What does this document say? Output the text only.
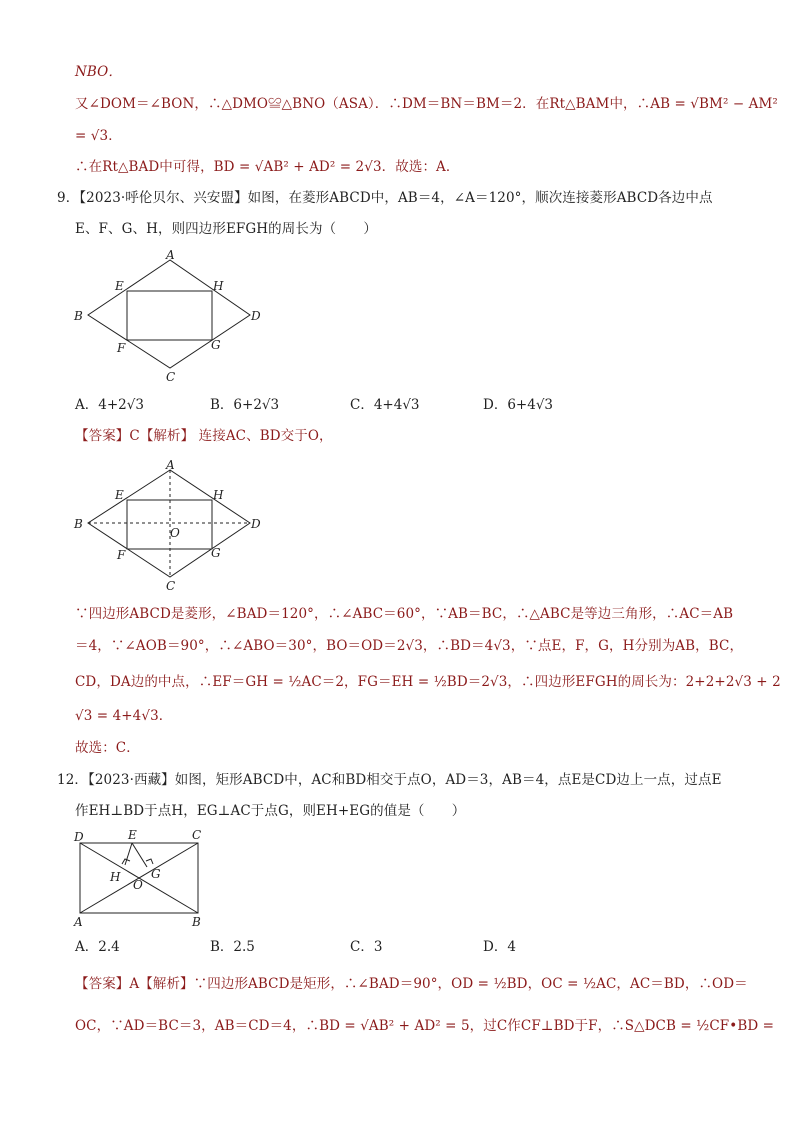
NBO．
又∠DOM＝∠BON，∴△DMO≌△BNO（ASA）．∴DM＝BN＝BM＝2．在Rt△BAM中，∴AB = √BM² − AM²
= √3．
∴在Rt△BAD中可得，BD = √AB² + AD² = 2√3．故选：A．
9．【2023·呼伦贝尔、兴安盟】如图，在菱形ABCD中，AB＝4，∠A＝120°，顺次连接菱形ABCD各边中点
E、F、G、H，则四边形EFGH的周长为（　　）
A
B
C
D
E
F	G
H
A．4+2√3	B．6+2√3	C．4+4√3	D．6+4√3
【答案】C【解析】 连接AC、BD交于O，
A
B
C
D
E
F	G
H
O
∵四边形ABCD是菱形，∠BAD＝120°，∴∠ABC＝60°，∵AB＝BC，∴△ABC是等边三角形，∴AC＝AB
＝4，∵∠AOB＝90°，∴∠ABO＝30°，BO＝OD＝2√3，∴BD＝4√3，∵点E，F，G，H分别为AB，BC，
CD，DA边的中点，∴EF＝GH = ½AC＝2，FG＝EH = ½BD＝2√3，∴四边形EFGH的周长为：2+2+2√3 + 2
√3 = 4+4√3．
故选：C．
12．【2023·西藏】如图，矩形ABCD中，AC和BD相交于点O，AD＝3，AB＝4，点E是CD边上一点，过点E
作EH⊥BD于点H，EG⊥AC于点G，则EH+EG的值是（　　）
D	E	C
A	B
H	G
O
A．2.4	B．2.5	C．3	D．4
【答案】A【解析】∵四边形ABCD是矩形，∴∠BAD＝90°，OD = ½BD，OC = ½AC，AC＝BD，∴OD＝
OC，∵AD＝BC＝3，AB＝CD＝4，∴BD = √AB² + AD² = 5，过C作CF⊥BD于F，∴S△DCB = ½CF•BD =
